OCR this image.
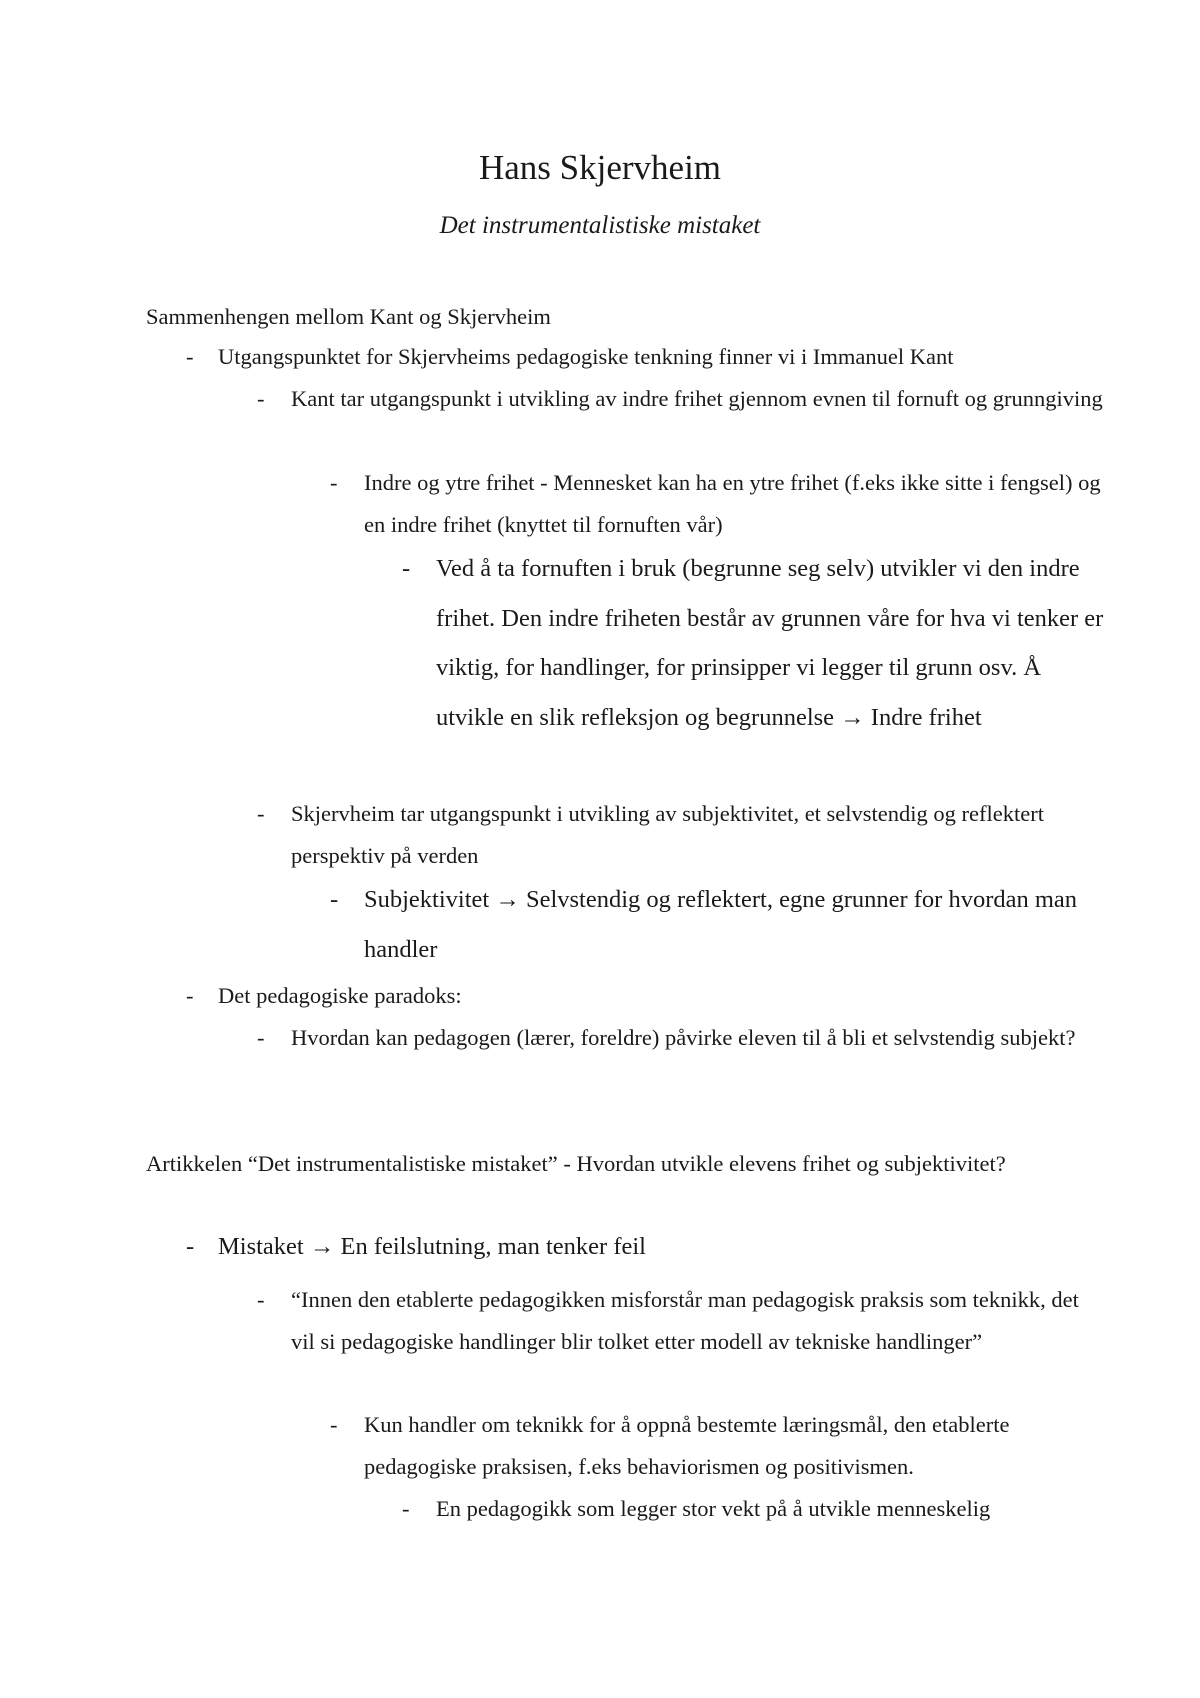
Hans Skjervheim

Det instrumentalistiske mistaket

Sammenhengen mellom Kant og Skjervheim

-	Utgangspunktet for Skjervheims pedagogiske tenkning finner vi i Immanuel Kant
-	Kant tar utgangspunkt i utvikling av indre frihet gjennom evnen til fornuft og grunngiving
-	Indre og ytre frihet - Mennesket kan ha en ytre frihet (f.eks ikke sitte i fengsel) og en indre frihet (knyttet til fornuften vår)
-	Ved å ta fornuften i bruk (begrunne seg selv) utvikler vi den indre frihet. Den indre friheten består av grunnen våre for hva vi tenker er viktig, for handlinger, for prinsipper vi legger til grunn osv. Å utvikle en slik refleksjon og begrunnelse → Indre frihet
-	Skjervheim tar utgangspunkt i utvikling av subjektivitet, et selvstendig og reflektert perspektiv på verden
-	Subjektivitet → Selvstendig og reflektert, egne grunner for hvordan man handler
-	Det pedagogiske paradoks:
-	Hvordan kan pedagogen (lærer, foreldre) påvirke eleven til å bli et selvstendig subjekt?

Artikkelen “Det instrumentalistiske mistaket” - Hvordan utvikle elevens frihet og subjektivitet?

- Mistaket → En feilslutning, man tenker feil
-	“Innen den etablerte pedagogikken misforstår man pedagogisk praksis som teknikk, det vil si pedagogiske handlinger blir tolket etter modell av tekniske handlinger”
-	Kun handler om teknikk for å oppnå bestemte læringsmål, den etablerte pedagogiske praksisen, f.eks behaviorismen og positivismen.
-	En pedagogikk som legger stor vekt på å utvikle menneskelig
